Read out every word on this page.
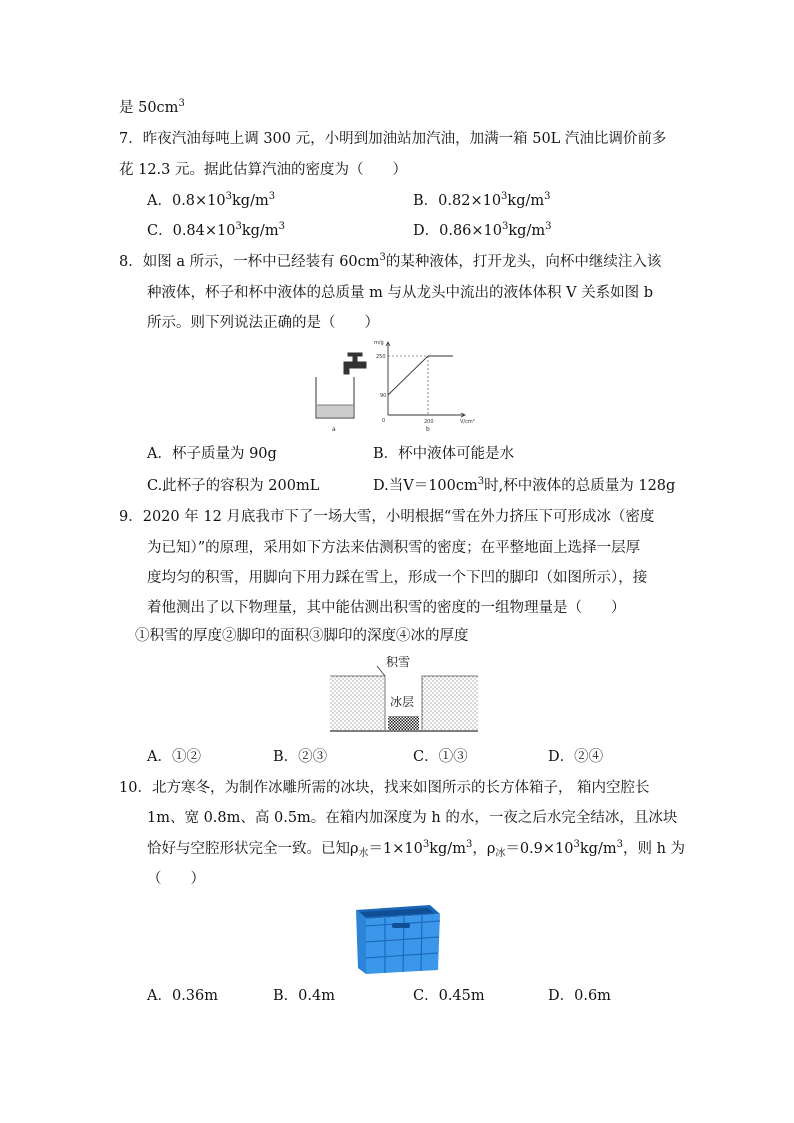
是 $50cm^3$
7．昨夜汽油每吨上调 300 元，小明到加油站加汽油，加满一箱 50L 汽油比调价前多
花 12.3 元。据此估算汽油的密度为（　　）
A．$0.8\times 10^3kg/m^3$	B．$0.82\times 10^3kg/m^3$
C．$0.84\times 10^3kg/m^3$	D．$0.86\times 10^3kg/m^3$
8．如图 a 所示，一杯中已经装有 $60cm^3$的某种液体，打开龙头，向杯中继续注入该
种液体，杯子和杯中液体的总质量 m 与从龙头中流出的液体体积 V 关系如图 b
所示。则下列说法正确的是（　　）
a
m/g
V/cm³
250
90
0	200
b
A．杯子质量为 90g	B．杯中液体可能是水
C.此杯子的容积为 200mL	D.当$V=100cm^3$时,杯中液体的总质量为 128g
9．2020 年 12 月底我市下了一场大雪，小明根据“雪在外力挤压下可形成冰（密度
为已知）”的原理，采用如下方法来估测积雪的密度；在平整地面上选择一层厚
度均匀的积雪，用脚向下用力踩在雪上，形成一个下凹的脚印（如图所示），接
着他测出了以下物理量，其中能估测出积雪的密度的一组物理量是（　　）
①积雪的厚度②脚印的面积③脚印的深度④冰的厚度
积雪
冰层
A．①②	B．②③	C．①③	D．②④
10．北方寒冬，为制作冰雕所需的冰块，找来如图所示的长方体箱子， 箱内空腔长
1m、宽 0.8m、高 0.5m。在箱内加深度为 h 的水，一夜之后水完全结冰，且冰块
恰好与空腔形状完全一致。已知$\rho_水=1\times 10^3kg/m^3$，$\rho_冰=0.9\times 10^3kg/m^3$，则 h 为
（　　）
A．0.36m	B．0.4m	C．0.45m	D．0.6m
